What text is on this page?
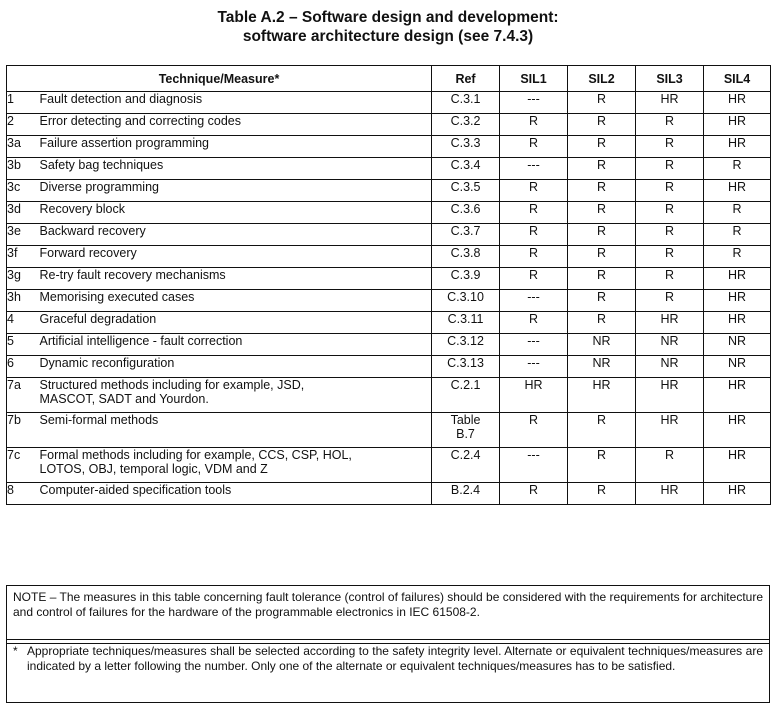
Table A.2 – Software design and development:
software architecture design (see 7.4.3)
Technique/Measure*		Ref	SIL1	SIL2	SIL3	SIL4
1	Fault detection and diagnosis	C.3.1	---	R	HR	HR
2	Error detecting and correcting codes	C.3.2	R	R	R	HR
3a	Failure assertion programming	C.3.3	R	R	R	HR
3b	Safety bag techniques	C.3.4	---	R	R	R
3c	Diverse programming	C.3.5	R	R	R	HR
3d	Recovery block	C.3.6	R	R	R	R
3e	Backward recovery	C.3.7	R	R	R	R
3f	Forward recovery	C.3.8	R	R	R	R
3g	Re-try fault recovery mechanisms	C.3.9	R	R	R	HR
3h	Memorising executed cases	C.3.10	---	R	R	HR
4	Graceful degradation	C.3.11	R	R	HR	HR
5	Artificial intelligence - fault correction	C.3.12	---	NR	NR	NR
6	Dynamic reconfiguration	C.3.13	---	NR	NR	NR
7a	Structured methods including for example, JSD,
MASCOT, SADT and Yourdon.	C.2.1	HR	HR	HR	HR
7b	Semi-formal methods	Table
B.7	R	R	HR	HR
7c	Formal methods including for example, CCS, CSP, HOL,
LOTOS, OBJ, temporal logic, VDM and Z	C.2.4	---	R	R	HR
8	Computer-aided specification tools	B.2.4	R	R	HR	HR
NOTE – The measures in this table concerning fault tolerance (control of failures) should be considered with the requirements for architecture and control of failures for the hardware of the programmable electronics in IEC 61508-2.
* Appropriate techniques/measures shall be selected according to the safety integrity level. Alternate or equivalent techniques/measures are indicated by a letter following the number. Only one of the alternate or equivalent techniques/measures has to be satisfied.
